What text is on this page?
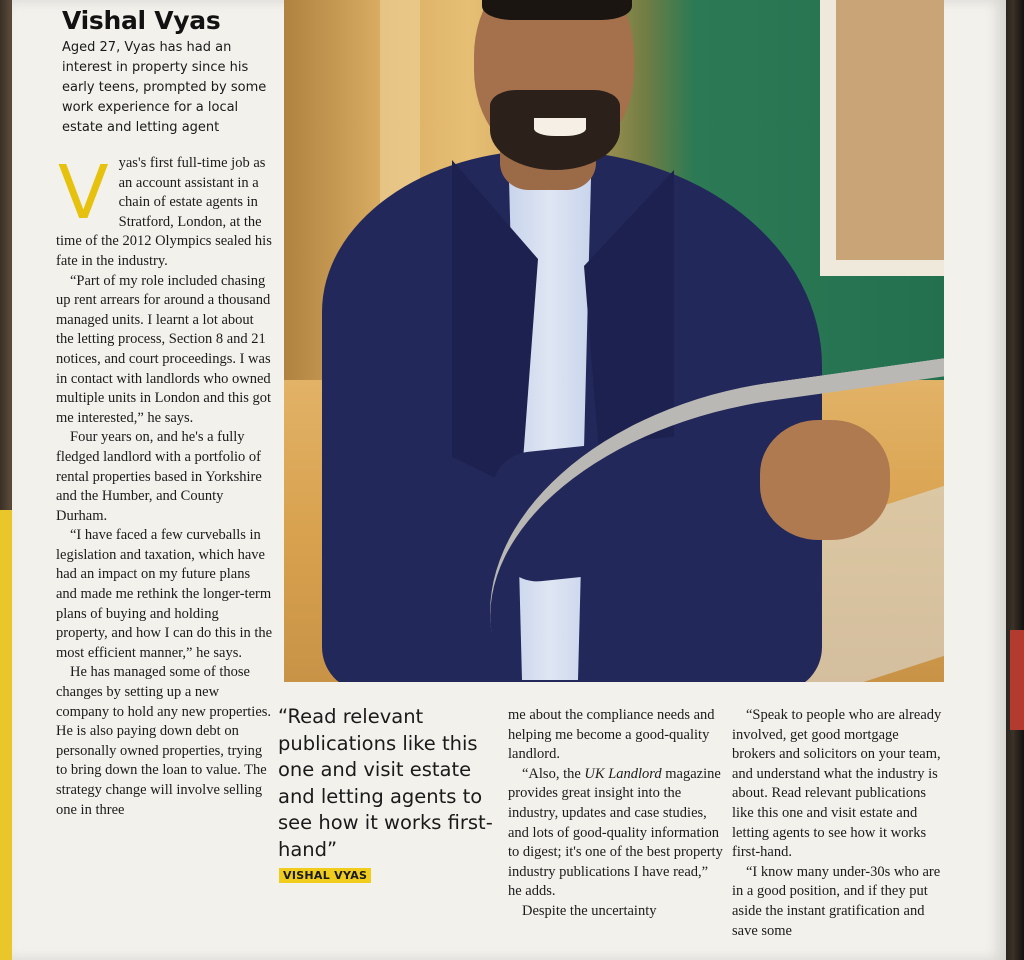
Vishal Vyas
Aged 27, Vyas has had an interest in property since his early teens, prompted by some work experience for a local estate and letting agent
V yas's first full-time job as an account assistant in a chain of estate agents in Stratford, London, at the time of the 2012 Olympics sealed his fate in the industry.

“Part of my role included chasing up rent arrears for around a thousand managed units. I learnt a lot about the letting process, Section 8 and 21 notices, and court proceedings. I was in contact with landlords who owned multiple units in London and this got me interested,” he says.

Four years on, and he's a fully fledged landlord with a portfolio of rental properties based in Yorkshire and the Humber, and County Durham.

“I have faced a few curveballs in legislation and taxation, which have had an impact on my future plans and made me rethink the longer-term plans of buying and holding property, and how I can do this in the most efficient manner,” he says.

He has managed some of those changes by setting up a new company to hold any new properties. He is also paying down debt on personally owned properties, trying to bring down the loan to value. The strategy change will involve selling one in three

“Read relevant publications like this one and visit estate and letting agents to see how it works first-hand”
VISHAL VYAS

me about the compliance needs and helping me become a good-quality landlord.

“Also, the UK Landlord magazine provides great insight into the industry, updates and case studies, and lots of good-quality information to digest; it's one of the best property industry publications I have read,” he adds.

Despite the uncertainty

“Speak to people who are already involved, get good mortgage brokers and solicitors on your team, and understand what the industry is about. Read relevant publications like this one and visit estate and letting agents to see how it works first-hand.

“I know many under-30s who are in a good position, and if they put aside the instant gratification and save some
